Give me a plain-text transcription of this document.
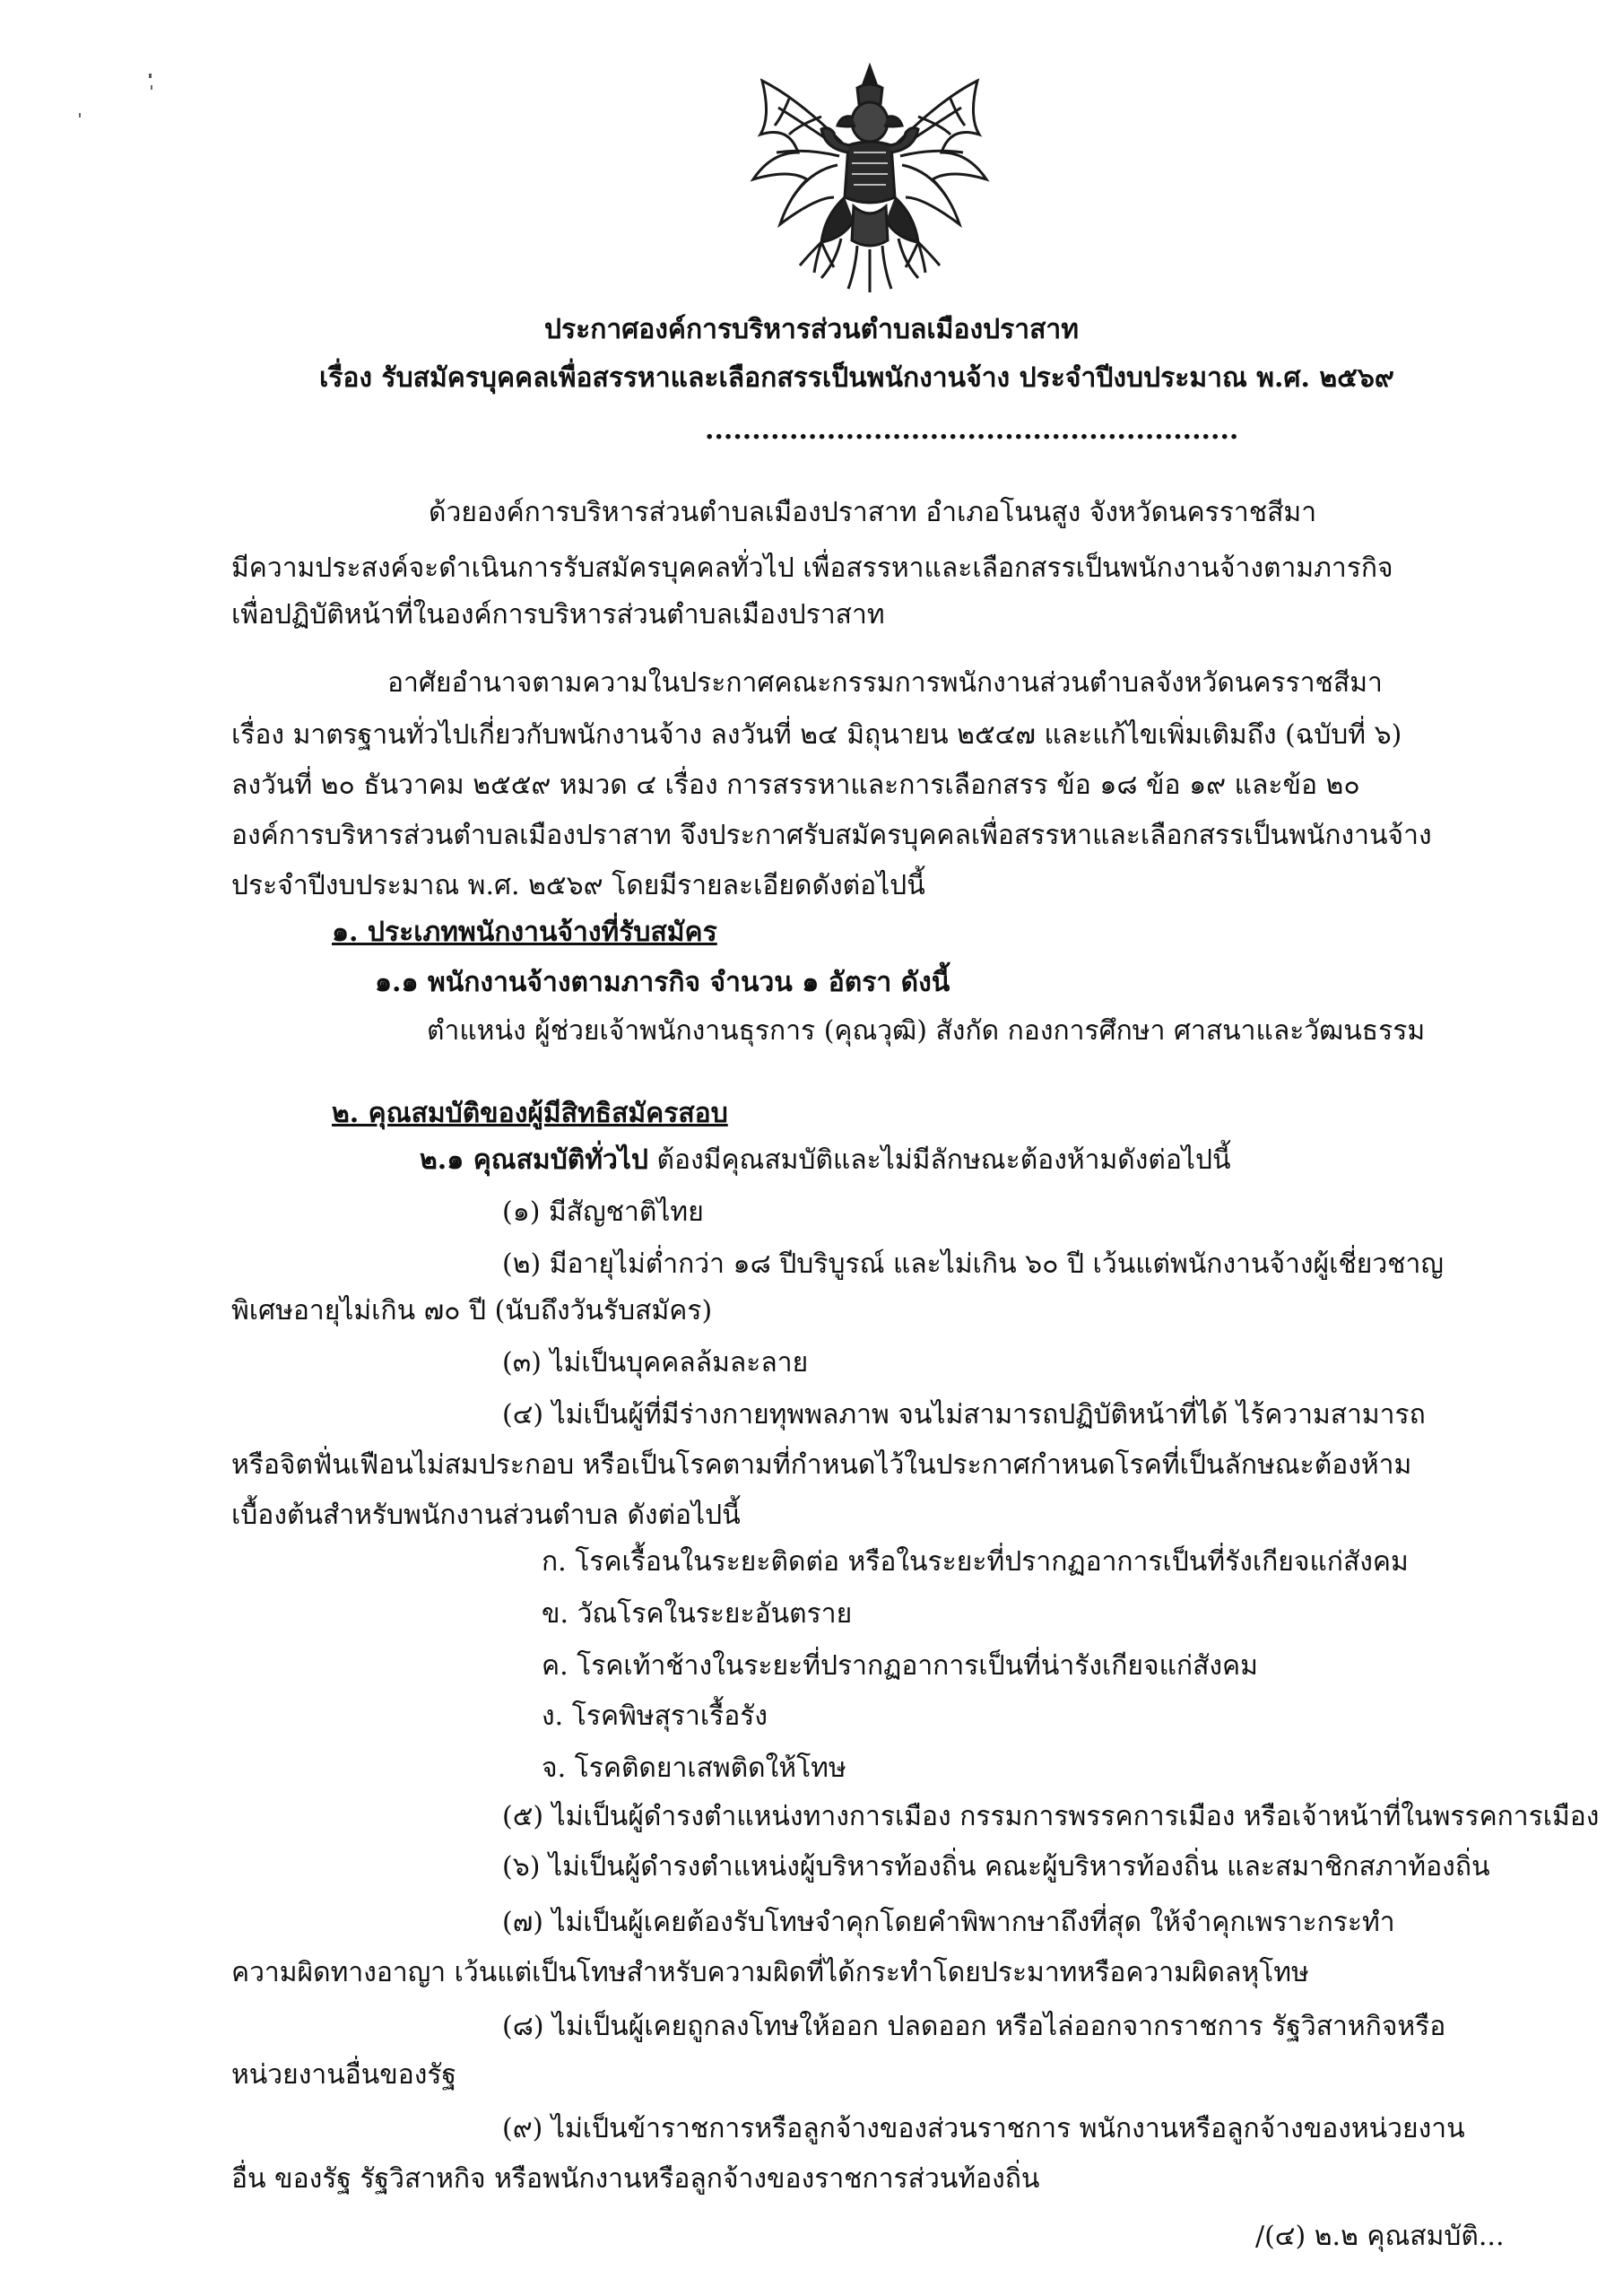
ประกาศองค์การบริหารส่วนตำบลเมืองปราสาท
เรื่อง รับสมัครบุคคลเพื่อสรรหาและเลือกสรรเป็นพนักงานจ้าง ประจำปีงบประมาณ พ.ศ. ๒๕๖๙
.........................................................
ด้วยองค์การบริหารส่วนตำบลเมืองปราสาท อำเภอโนนสูง จังหวัดนครราชสีมา
มีความประสงค์จะดำเนินการรับสมัครบุคคลทั่วไป เพื่อสรรหาและเลือกสรรเป็นพนักงานจ้างตามภารกิจ
เพื่อปฏิบัติหน้าที่ในองค์การบริหารส่วนตำบลเมืองปราสาท
อาศัยอำนาจตามความในประกาศคณะกรรมการพนักงานส่วนตำบลจังหวัดนครราชสีมา
เรื่อง มาตรฐานทั่วไปเกี่ยวกับพนักงานจ้าง ลงวันที่ ๒๔ มิถุนายน ๒๕๔๗ และแก้ไขเพิ่มเติมถึง (ฉบับที่ ๖)
ลงวันที่ ๒๐ ธันวาคม ๒๕๕๙ หมวด ๔ เรื่อง การสรรหาและการเลือกสรร ข้อ ๑๘ ข้อ ๑๙ และข้อ ๒๐
องค์การบริหารส่วนตำบลเมืองปราสาท จึงประกาศรับสมัครบุคคลเพื่อสรรหาและเลือกสรรเป็นพนักงานจ้าง
ประจำปีงบประมาณ พ.ศ. ๒๕๖๙ โดยมีรายละเอียดดังต่อไปนี้
๑. ประเภทพนักงานจ้างที่รับสมัคร
๑.๑ พนักงานจ้างตามภารกิจ จำนวน ๑ อัตรา ดังนี้
ตำแหน่ง ผู้ช่วยเจ้าพนักงานธุรการ (คุณวุฒิ) สังกัด กองการศึกษา ศาสนาและวัฒนธรรม
๒. คุณสมบัติของผู้มีสิทธิสมัครสอบ
๒.๑ คุณสมบัติทั่วไป ต้องมีคุณสมบัติและไม่มีลักษณะต้องห้ามดังต่อไปนี้
(๑) มีสัญชาติไทย
(๒) มีอายุไม่ต่ำกว่า ๑๘ ปีบริบูรณ์ และไม่เกิน ๖๐ ปี เว้นแต่พนักงานจ้างผู้เชี่ยวชาญ
พิเศษอายุไม่เกิน ๗๐ ปี (นับถึงวันรับสมัคร)
(๓) ไม่เป็นบุคคลล้มละลาย
(๔) ไม่เป็นผู้ที่มีร่างกายทุพพลภาพ จนไม่สามารถปฏิบัติหน้าที่ได้ ไร้ความสามารถ
หรือจิตฟั่นเฟือนไม่สมประกอบ หรือเป็นโรคตามที่กำหนดไว้ในประกาศกำหนดโรคที่เป็นลักษณะต้องห้าม
เบื้องต้นสำหรับพนักงานส่วนตำบล ดังต่อไปนี้
ก. โรคเรื้อนในระยะติดต่อ หรือในระยะที่ปรากฏอาการเป็นที่รังเกียจแก่สังคม
ข. วัณโรคในระยะอันตราย
ค. โรคเท้าช้างในระยะที่ปรากฏอาการเป็นที่น่ารังเกียจแก่สังคม
ง. โรคพิษสุราเรื้อรัง
จ. โรคติดยาเสพติดให้โทษ
(๕) ไม่เป็นผู้ดำรงตำแหน่งทางการเมือง กรรมการพรรคการเมือง หรือเจ้าหน้าที่ในพรรคการเมือง
(๖) ไม่เป็นผู้ดำรงตำแหน่งผู้บริหารท้องถิ่น คณะผู้บริหารท้องถิ่น และสมาชิกสภาท้องถิ่น
(๗) ไม่เป็นผู้เคยต้องรับโทษจำคุกโดยคำพิพากษาถึงที่สุด ให้จำคุกเพราะกระทำ
ความผิดทางอาญา เว้นแต่เป็นโทษสำหรับความผิดที่ได้กระทำโดยประมาทหรือความผิดลหุโทษ
(๘) ไม่เป็นผู้เคยถูกลงโทษให้ออก ปลดออก หรือไล่ออกจากราชการ รัฐวิสาหกิจหรือ
หน่วยงานอื่นของรัฐ
(๙) ไม่เป็นข้าราชการหรือลูกจ้างของส่วนราชการ พนักงานหรือลูกจ้างของหน่วยงาน
อื่น ของรัฐ รัฐวิสาหกิจ หรือพนักงานหรือลูกจ้างของราชการส่วนท้องถิ่น
/(๔) ๒.๒ คุณสมบัติ...
